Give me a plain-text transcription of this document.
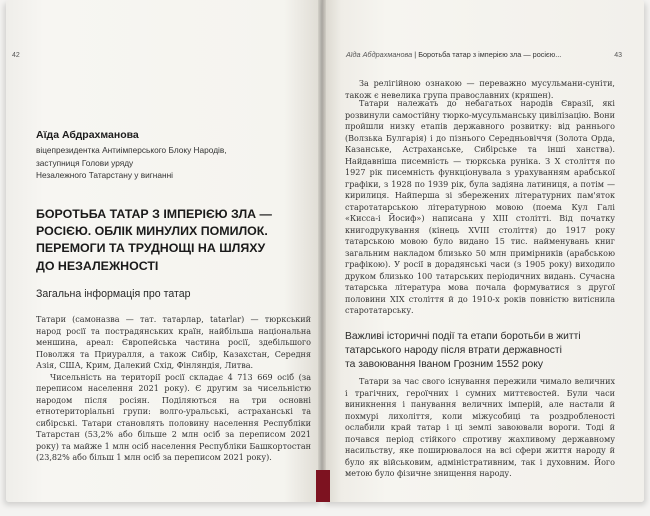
42	43
Аїда Абдрахманова | Боротьба татар з імперією зла — росією...
Аїда Абдрахманова
віцепрезидентка Антиімперського Блоку Народів,
заступниця Голови уряду
Незалежного Татарстану у вигнанні
БОРОТЬБА ТАТАР З ІМПЕРІЄЮ ЗЛА —
РОСІЄЮ. ОБЛІК МИНУЛИХ ПОМИЛОК.
ПЕРЕМОГИ ТА ТРУДНОЩІ НА ШЛЯХУ
ДО НЕЗАЛЕЖНОСТІ
Загальна інформація про татар

Татари (самоназва — тат. татарлар, tatarlar) — тюркський народ росії та пострадянських країн, найбільша національна меншина, ареал: Європейська частина росії, здебільшого Поволжя та Приуралля, а також Сибір, Казахстан, Середня Азія, США, Крим, Далекий Схід, Фінляндія, Литва.

Чисельність на території росії складає 4 713 669 осіб (за переписом населення 2021 року). Є другим за чисельністю народом після росіян. Поділяються на три основні етнотериторіальні групи: волго-уральські, астраханські та сибірські. Татари становлять половину населення Республіки Татарстан (53,2% або більше 2 млн осіб за переписом 2021 року) та майже 1 млн осіб населення Республіки Башкортостан (23,82% або більш 1 млн осіб за переписом 2021 року).

За релігійною ознакою — переважно мусульмани-суніти, також є невелика група православних (кряшен).

Татари належать до небагатьох народів Євразії, які розвинули самостійну тюрко-мусульманську цивілізацію. Вони пройшли низку етапів державного розвитку: від раннього (Волзька Булгарія) і до пізнього Середньовіччя (Золота Орда, Казанське, Астраханське, Сибірське та інші ханства). Найдавніша писемність — тюркська руніка. З X століття по 1927 рік писемність функціонувала з урахуванням арабської графіки, з 1928 по 1939 рік, була задіяна латиниця, а потім — кирилиця. Найперша зі збережених літературних пам'яток старотатарською літературною мовою (поема Кул Галі «Кисса-і Йосиф») написана у XIII столітті. Від початку книгодрукування (кінець XVIII століття) до 1917 року татарською мовою було видано 15 тис. найменувань книг загальним накладом близько 50 млн примірників (арабською графікою). У росії в дорадянські часи (з 1905 року) виходило друком близько 100 татарських періодичних видань. Сучасна татарська література мова почала формуватися з другої половини XIX століття й до 1910-х років повністю витіснила старотатарську.

Важливі історичні події та етапи боротьби в житті
татарського народу після втрати державності
та завоювання Іваном Грозним 1552 року

Татари за час свого існування пережили чимало величних і трагічних, героїчних і сумних миттєвостей. Були часи виникнення і панування величних імперій, але настали й похмурі лихоліття, коли міжусобиці та роздробленості ослабили край татар і ці землі завоювали вороги. Тоді й почався період стійкого спротиву жахливому державному насильству, яке поширювалося на всі сфери життя народу й було як військовим, адміністративним, так і духовним. Його метою було фізичне знищення народу.
